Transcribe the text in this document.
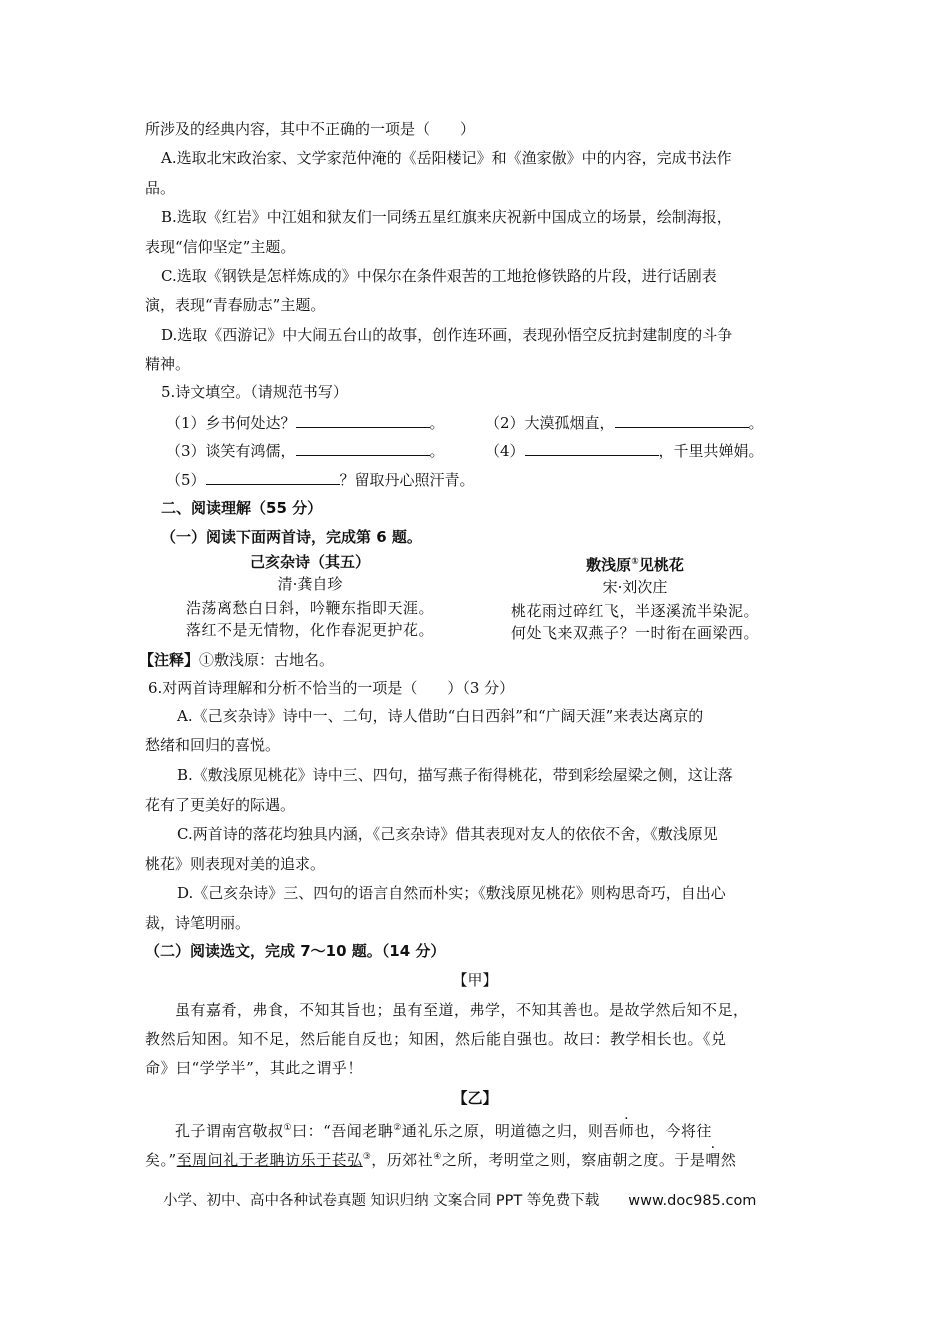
所涉及的经典内容，其中不正确的一项是（　　）
A.选取北宋政治家、文学家范仲淹的《岳阳楼记》和《渔家傲》中的内容，完成书法作
品。
B.选取《红岩》中江姐和狱友们一同绣五星红旗来庆祝新中国成立的场景，绘制海报，
表现“信仰坚定”主题。
C.选取《钢铁是怎样炼成的》中保尔在条件艰苦的工地抢修铁路的片段，进行话剧表
演，表现“青春励志”主题。
D.选取《西游记》中大闹五台山的故事，创作连环画，表现孙悟空反抗封建制度的斗争
精神。
5.诗文填空。（请规范书写）
（1）乡书何处达？	。	（2）大漠孤烟直，	。
（3）谈笑有鸿儒，	。	（4）	，千里共婵娟。
（5）	？留取丹心照汗青。
二、阅读理解（55 分）
（一）阅读下面两首诗，完成第 6 题。
己亥杂诗（其五）
清·龚自珍
浩荡离愁白日斜，吟鞭东指即天涯。
落红不是无情物，化作春泥更护花。
敷浅原①见桃花
宋·刘次庄
桃花雨过碎红飞，半逐溪流半染泥。
何处飞来双燕子？一时衔在画梁西。
【注释】①敷浅原：古地名。
6.对两首诗理解和分析不恰当的一项是（　　）（3 分）
A.《己亥杂诗》诗中一、二句，诗人借助“白日西斜”和“广阔天涯”来表达离京的
愁绪和回归的喜悦。
B.《敷浅原见桃花》诗中三、四句，描写燕子衔得桃花，带到彩绘屋梁之侧，这让落
花有了更美好的际遇。
C.两首诗的落花均独具内涵，《己亥杂诗》借其表现对友人的依依不舍，《敷浅原见
桃花》则表现对美的追求。
D.《己亥杂诗》三、四句的语言自然而朴实；《敷浅原见桃花》则构思奇巧，自出心
裁，诗笔明丽。
（二）阅读选文，完成 7～10 题。（14 分）
【甲】
虽有嘉肴，弗食，不知其旨也；虽有至道，弗学，不知其善也。是故学然后知不足，
教然后知困。知不足，然后能自反也；知困，然后能自强也。故曰：教学相长也。《兑
命》曰“学学半”，其此之谓乎！
【乙】
孔子谓南宫敬叔①曰：“吾闻老聃②通礼乐之原，明道德之归，则吾师也，今将往
矣。”至周问礼于老聃访乐于苌弘③，历郊社④之所，考明堂之则，察庙朝之度。于是喟然
小学、初中、高中各种试卷真题 知识归纳 文案合同 PPT 等免费下载　　www.doc985.com
